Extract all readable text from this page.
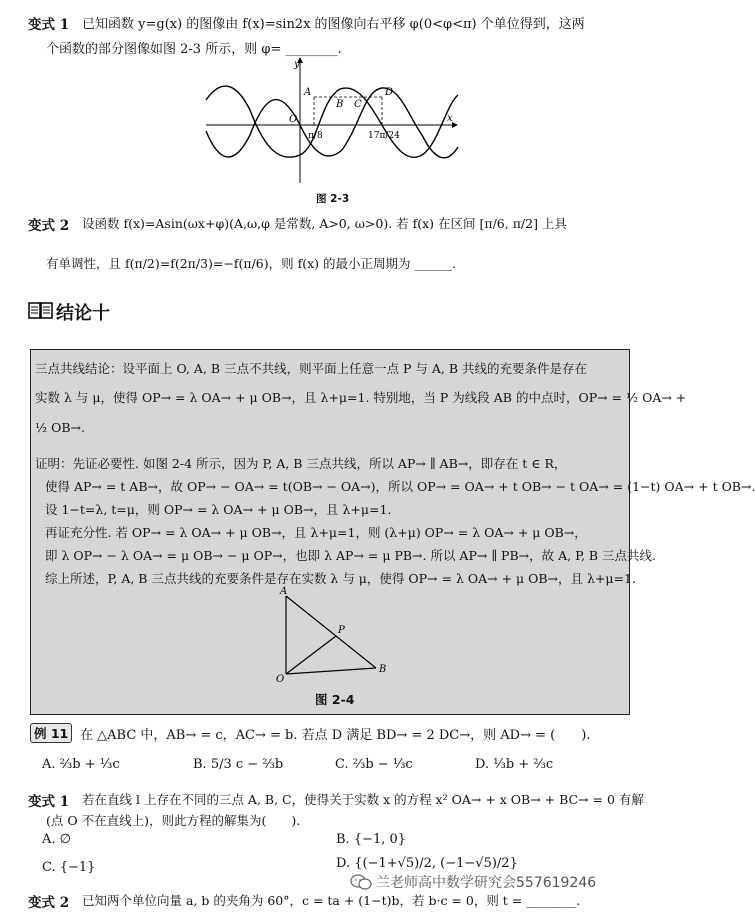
变式 1 已知函数 y=g(x) 的图像由 f(x)=sin2x 的图像向右平移 φ(0<φ<π) 个单位得到，这两
个函数的部分图像如图 2-3 所示，则 φ= ________.
y
x
O
A
B C
D
π/8	17π/24
图 2-3
变式 2 设函数 f(x)=Asin(ωx+φ)(A,ω,φ 是常数, A>0, ω>0). 若 f(x) 在区间 [π/6, π/2] 上具
有单调性，且 f(π/2)=f(2π/3)=−f(π/6)，则 f(x) 的最小正周期为 ______.
结论十
三点共线结论：设平面上 O, A, B 三点不共线，则平面上任意一点 P 与 A, B 共线的充要条件是存在
实数 λ 与 μ，使得 OP→ = λ OA→ + μ OB→，且 λ+μ=1. 特别地，当 P 为线段 AB 的中点时，OP→ = ½ OA→ +
½ OB→.
证明：先证必要性. 如图 2-4 所示，因为 P, A, B 三点共线，所以 AP→ ∥ AB→，即存在 t ∈ R，
使得 AP→ = t AB→，故 OP→ − OA→ = t(OB→ − OA→)，所以 OP→ = OA→ + t OB→ − t OA→ = (1−t) OA→ + t OB→.
设 1−t=λ, t=μ，则 OP→ = λ OA→ + μ OB→，且 λ+μ=1.
再证充分性. 若 OP→ = λ OA→ + μ OB→，且 λ+μ=1，则 (λ+μ) OP→ = λ OA→ + μ OB→，
即 λ OP→ − λ OA→ = μ OB→ − μ OP→，也即 λ AP→ = μ PB→. 所以 AP→ ∥ PB→，故 A, P, B 三点共线.
综上所述，P, A, B 三点共线的充要条件是存在实数 λ 与 μ，使得 OP→ = λ OA→ + μ OB→，且 λ+μ=1.
A
P
O
B
图 2-4
例 11 在 △ABC 中，AB→ = c，AC→ = b. 若点 D 满足 BD→ = 2 DC→，则 AD→ = (　　).
A. ⅔b + ⅓c	B. 5/3 c − ⅔b	C. ⅔b − ⅓c	D. ⅓b + ⅔c
变式 1 若在直线 l 上存在不同的三点 A, B, C，使得关于实数 x 的方程 x² OA→ + x OB→ + BC→ = 0 有解
(点 O 不在直线上)，则此方程的解集为(　　).
A. ∅	B. {−1, 0}
C. {−1}	D. {(−1+√5)/2, (−1−√5)/2}
变式 2 已知两个单位向量 a, b 的夹角为 60°，c = ta + (1−t)b，若 b·c = 0，则 t = ________.
兰老师高中数学研究会557619246
